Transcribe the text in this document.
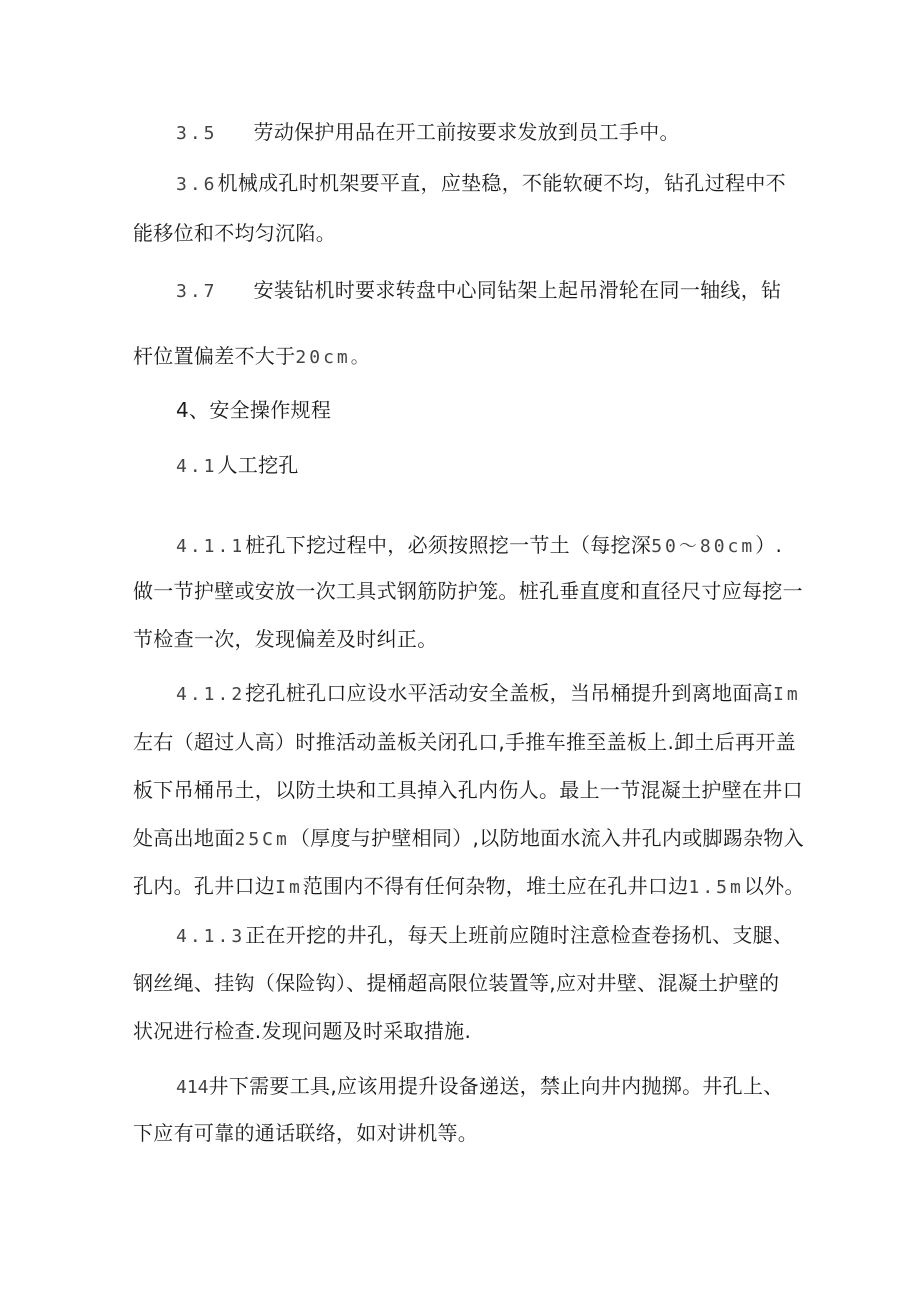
3.5 劳动保护用品在开工前按要求发放到员工手中。
3.6机械成孔时机架要平直，应垫稳，不能软硬不均，钻孔过程中不
能移位和不均匀沉陷。
3.7 安装钻机时要求转盘中心同钻架上起吊滑轮在同一轴线，钻
杆位置偏差不大于20cm。
4、安全操作规程
4.1人工挖孔
4.1.1桩孔下挖过程中，必须按照挖一节土（每挖深50～80cm）.
做一节护壁或安放一次工具式钢筋防护笼。桩孔垂直度和直径尺寸应每挖一
节检查一次，发现偏差及时纠正。
4.1.2挖孔桩孔口应设水平活动安全盖板，当吊桶提升到离地面高Im
左右（超过人高）时推活动盖板关闭孔口,手推车推至盖板上.卸土后再开盖
板下吊桶吊土，以防土块和工具掉入孔内伤人。最上一节混凝土护壁在井口
处高出地面25Cm（厚度与护壁相同）,以防地面水流入井孔内或脚踢杂物入
孔内。孔井口边Im范围内不得有任何杂物，堆土应在孔井口边1.5m以外。
4.1.3正在开挖的井孔，每天上班前应随时注意检查卷扬机、支腿、
钢丝绳、挂钩（保险钩）、提桶超高限位装置等,应对井壁、混凝土护壁的
状况进行检查.发现问题及时采取措施.
414井下需要工具,应该用提升设备递送，禁止向井内抛掷。井孔上、
下应有可靠的通话联络，如对讲机等。
